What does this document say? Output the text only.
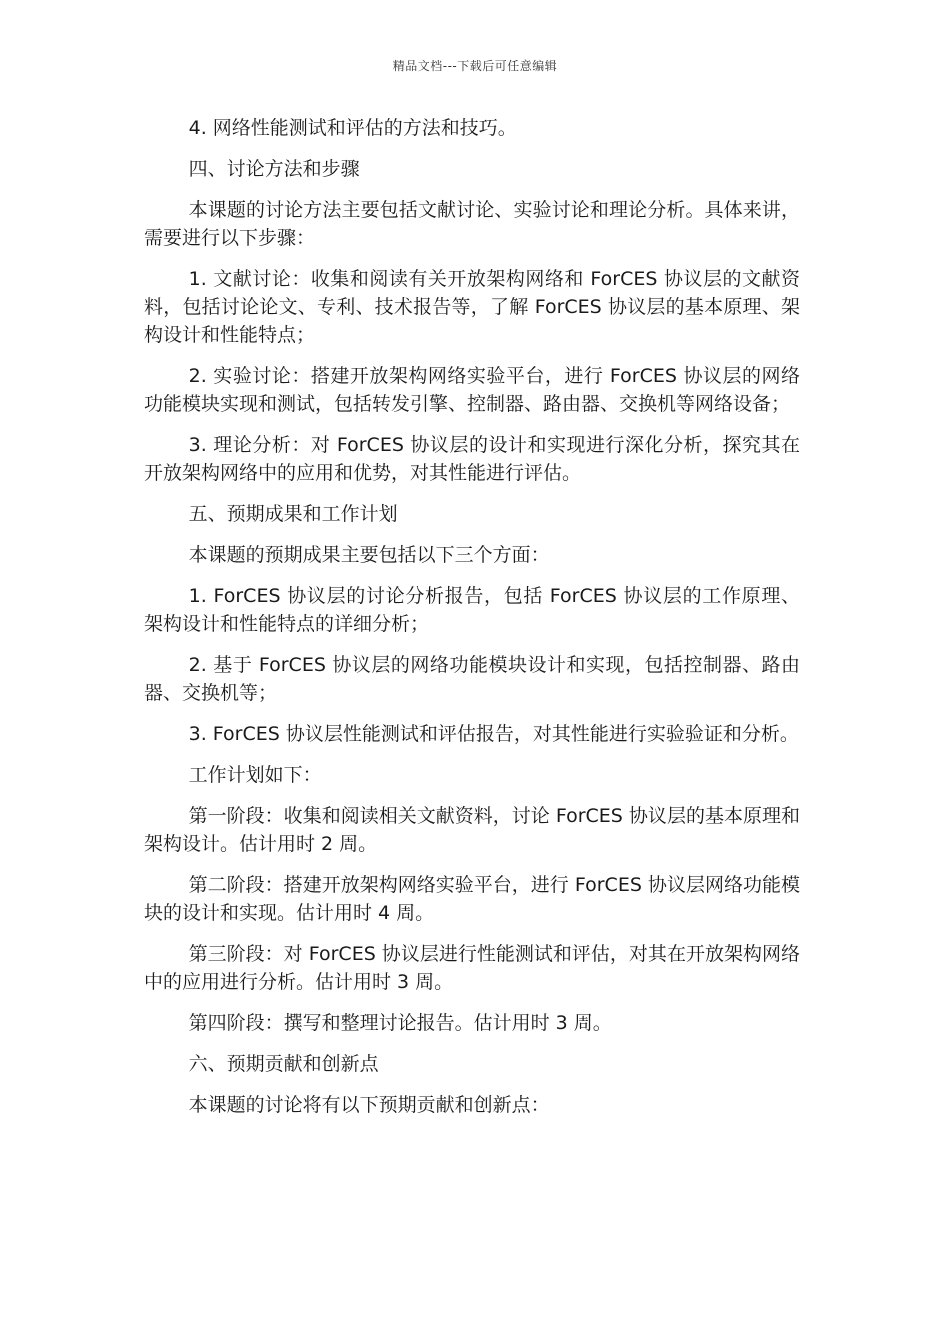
精品文档---下载后可任意编辑

4. 网络性能测试和评估的方法和技巧。

四、讨论方法和步骤

本课题的讨论方法主要包括文献讨论、实验讨论和理论分析。具体来讲，需要进行以下步骤：

1. 文献讨论：收集和阅读有关开放架构网络和 ForCES 协议层的文献资料，包括讨论论文、专利、技术报告等，了解 ForCES 协议层的基本原理、架构设计和性能特点；

2. 实验讨论：搭建开放架构网络实验平台，进行 ForCES 协议层的网络功能模块实现和测试，包括转发引擎、控制器、路由器、交换机等网络设备；

3. 理论分析：对 ForCES 协议层的设计和实现进行深化分析，探究其在开放架构网络中的应用和优势，对其性能进行评估。

五、预期成果和工作计划

本课题的预期成果主要包括以下三个方面：

1. ForCES 协议层的讨论分析报告，包括 ForCES 协议层的工作原理、架构设计和性能特点的详细分析；

2. 基于 ForCES 协议层的网络功能模块设计和实现，包括控制器、路由器、交换机等；

3. ForCES 协议层性能测试和评估报告，对其性能进行实验验证和分析。

工作计划如下：

第一阶段：收集和阅读相关文献资料，讨论 ForCES 协议层的基本原理和架构设计。估计用时 2 周。

第二阶段：搭建开放架构网络实验平台，进行 ForCES 协议层网络功能模块的设计和实现。估计用时 4 周。

第三阶段：对 ForCES 协议层进行性能测试和评估，对其在开放架构网络中的应用进行分析。估计用时 3 周。

第四阶段：撰写和整理讨论报告。估计用时 3 周。

六、预期贡献和创新点

本课题的讨论将有以下预期贡献和创新点：
